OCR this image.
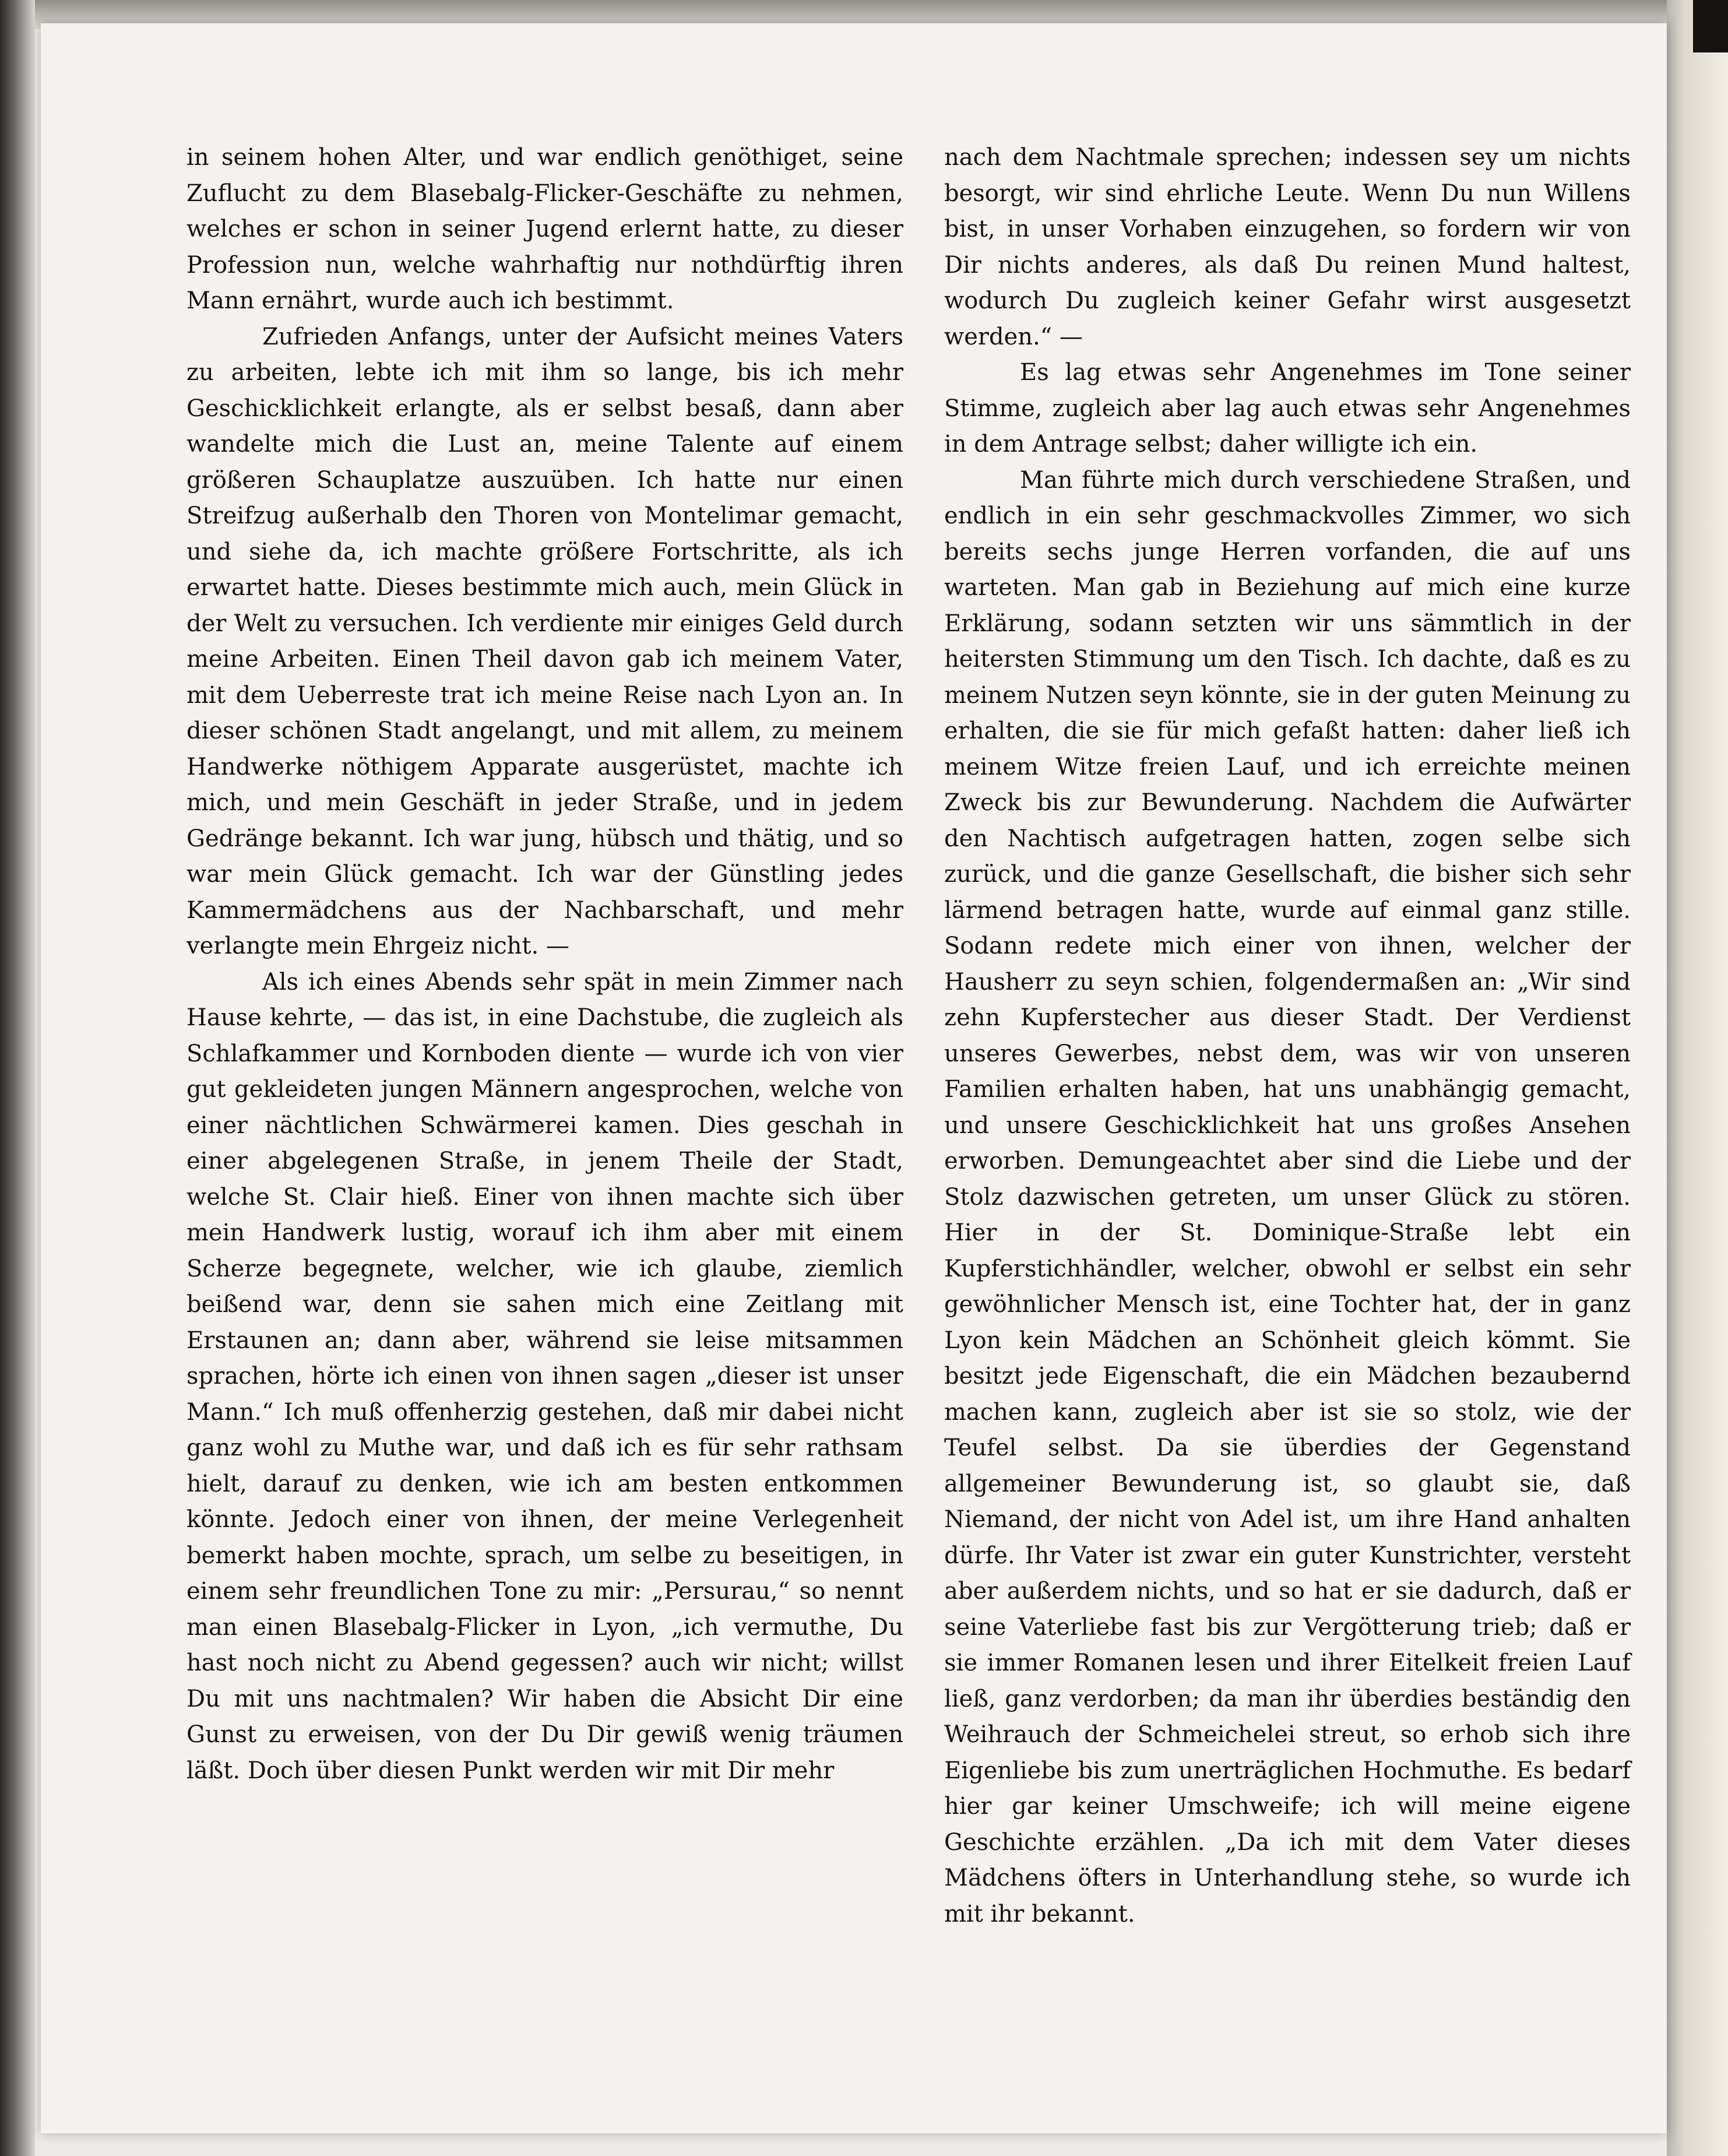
in seinem hohen Alter, und war endlich genöthiget, seine Zuflucht zu dem Blasebalg-Flicker-Geschäfte zu nehmen, welches er schon in seiner Jugend erlernt hatte, zu dieser Profession nun, welche wahrhaftig nur nothdürftig ihren Mann ernährt, wurde auch ich bestimmt.

Zufrieden Anfangs, unter der Aufsicht meines Vaters zu arbeiten, lebte ich mit ihm so lange, bis ich mehr Geschicklichkeit erlangte, als er selbst besaß, dann aber wandelte mich die Lust an, meine Talente auf einem größeren Schauplatze auszuüben. Ich hatte nur einen Streifzug außerhalb den Thoren von Montelimar gemacht, und siehe da, ich machte größere Fortschritte, als ich erwartet hatte. Dieses bestimmte mich auch, mein Glück in der Welt zu versuchen. Ich verdiente mir einiges Geld durch meine Arbeiten. Einen Theil davon gab ich meinem Vater, mit dem Ueberreste trat ich meine Reise nach Lyon an. In dieser schönen Stadt angelangt, und mit allem, zu meinem Handwerke nöthigem Apparate ausgerüstet, machte ich mich, und mein Geschäft in jeder Straße, und in jedem Gedränge bekannt. Ich war jung, hübsch und thätig, und so war mein Glück gemacht. Ich war der Günstling jedes Kammermädchens aus der Nachbarschaft, und mehr verlangte mein Ehrgeiz nicht. —

Als ich eines Abends sehr spät in mein Zimmer nach Hause kehrte, — das ist, in eine Dachstube, die zugleich als Schlafkammer und Kornboden diente — wurde ich von vier gut gekleideten jungen Männern angesprochen, welche von einer nächtlichen Schwärmerei kamen. Dies geschah in einer abgelegenen Straße, in jenem Theile der Stadt, welche St. Clair hieß. Einer von ihnen machte sich über mein Handwerk lustig, worauf ich ihm aber mit einem Scherze begegnete, welcher, wie ich glaube, ziemlich beißend war, denn sie sahen mich eine Zeitlang mit Erstaunen an; dann aber, während sie leise mitsammen sprachen, hörte ich einen von ihnen sagen „dieser ist unser Mann.“ Ich muß offenherzig gestehen, daß mir dabei nicht ganz wohl zu Muthe war, und daß ich es für sehr rathsam hielt, darauf zu denken, wie ich am besten entkommen könnte. Jedoch einer von ihnen, der meine Verlegenheit bemerkt haben mochte, sprach, um selbe zu beseitigen, in einem sehr freundlichen Tone zu mir: „Persurau,“ so nennt man einen Blasebalg-Flicker in Lyon, „ich vermuthe, Du hast noch nicht zu Abend gegessen? auch wir nicht; willst Du mit uns nachtmalen? Wir haben die Absicht Dir eine Gunst zu erweisen, von der Du Dir gewiß wenig träumen läßt. Doch über diesen Punkt werden wir mit Dir mehr

nach dem Nachtmale sprechen; indessen sey um nichts besorgt, wir sind ehrliche Leute. Wenn Du nun Willens bist, in unser Vorhaben einzugehen, so fordern wir von Dir nichts anderes, als daß Du reinen Mund haltest, wodurch Du zugleich keiner Gefahr wirst ausgesetzt werden.“ —

Es lag etwas sehr Angenehmes im Tone seiner Stimme, zugleich aber lag auch etwas sehr Angenehmes in dem Antrage selbst; daher willigte ich ein.

Man führte mich durch verschiedene Straßen, und endlich in ein sehr geschmackvolles Zimmer, wo sich bereits sechs junge Herren vorfanden, die auf uns warteten. Man gab in Beziehung auf mich eine kurze Erklärung, sodann setzten wir uns sämmtlich in der heitersten Stimmung um den Tisch. Ich dachte, daß es zu meinem Nutzen seyn könnte, sie in der guten Meinung zu erhalten, die sie für mich gefaßt hatten: daher ließ ich meinem Witze freien Lauf, und ich erreichte meinen Zweck bis zur Bewunderung. Nachdem die Aufwärter den Nachtisch aufgetragen hatten, zogen selbe sich zurück, und die ganze Gesellschaft, die bisher sich sehr lärmend betragen hatte, wurde auf einmal ganz stille. Sodann redete mich einer von ihnen, welcher der Hausherr zu seyn schien, folgendermaßen an: „Wir sind zehn Kupferstecher aus dieser Stadt. Der Verdienst unseres Gewerbes, nebst dem, was wir von unseren Familien erhalten haben, hat uns unabhängig gemacht, und unsere Geschicklichkeit hat uns großes Ansehen erworben. Demungeachtet aber sind die Liebe und der Stolz dazwischen getreten, um unser Glück zu stören. Hier in der St. Dominique-Straße lebt ein Kupferstichhändler, welcher, obwohl er selbst ein sehr gewöhnlicher Mensch ist, eine Tochter hat, der in ganz Lyon kein Mädchen an Schönheit gleich kömmt. Sie besitzt jede Eigenschaft, die ein Mädchen bezaubernd machen kann, zugleich aber ist sie so stolz, wie der Teufel selbst. Da sie überdies der Gegenstand allgemeiner Bewunderung ist, so glaubt sie, daß Niemand, der nicht von Adel ist, um ihre Hand anhalten dürfe. Ihr Vater ist zwar ein guter Kunstrichter, versteht aber außerdem nichts, und so hat er sie dadurch, daß er seine Vaterliebe fast bis zur Vergötterung trieb; daß er sie immer Romanen lesen und ihrer Eitelkeit freien Lauf ließ, ganz verdorben; da man ihr überdies beständig den Weihrauch der Schmeichelei streut, so erhob sich ihre Eigenliebe bis zum unerträglichen Hochmuthe. Es bedarf hier gar keiner Umschweife; ich will meine eigene Geschichte erzählen. „Da ich mit dem Vater dieses Mädchens öfters in Unterhandlung stehe, so wurde ich mit ihr bekannt.
